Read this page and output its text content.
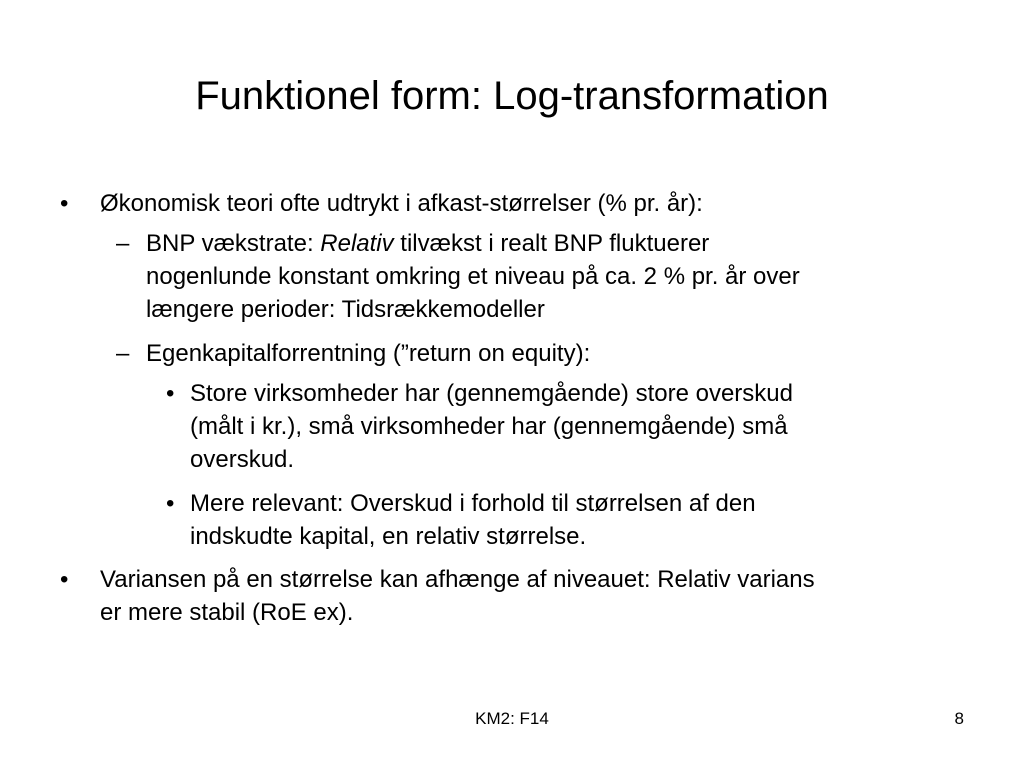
Funktionel form: Log-transformation
• Økonomisk teori ofte udtrykt i afkast-størrelser (% pr. år):
– BNP vækstrate: Relativ tilvækst i realt BNP fluktuerer
nogenlunde konstant omkring et niveau på ca. 2 % pr. år over
længere perioder: Tidsrækkemodeller
– Egenkapitalforrentning (”return on equity):
• Store virksomheder har (gennemgående) store overskud
(målt i kr.), små virksomheder har (gennemgående) små
overskud.
• Mere relevant: Overskud i forhold til størrelsen af den
indskudte kapital, en relativ størrelse.
• Variansen på en størrelse kan afhænge af niveauet: Relativ varians
er mere stabil (RoE ex).
KM2: F14	8
